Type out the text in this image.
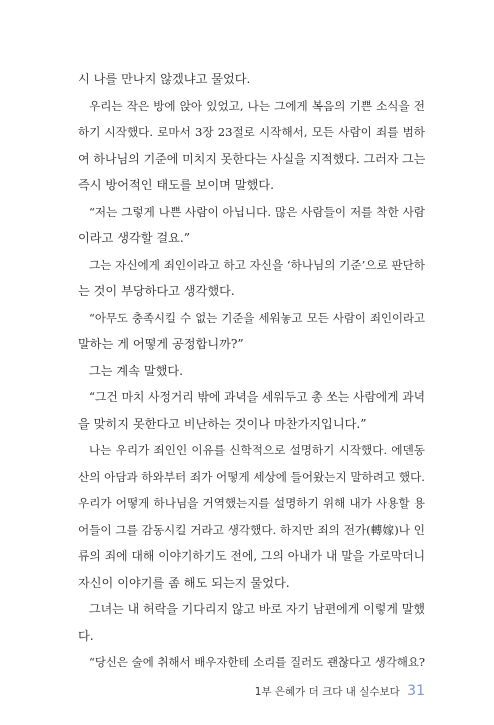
시 나를 만나지 않겠냐고 물었다.
우리는 작은 방에 앉아 있었고, 나는 그에게 복음의 기쁜 소식을 전
하기 시작했다. 로마서 3장 23절로 시작해서, 모든 사람이 죄를 범하
여 하나님의 기준에 미치지 못한다는 사실을 지적했다. 그러자 그는
즉시 방어적인 태도를 보이며 말했다.
“저는 그렇게 나쁜 사람이 아닙니다. 많은 사람들이 저를 착한 사람
이라고 생각할 걸요.”
그는 자신에게 죄인이라고 하고 자신을 ‘하나님의 기준’으로 판단하
는 것이 부당하다고 생각했다.
“아무도 충족시킬 수 없는 기준을 세워놓고 모든 사람이 죄인이라고
말하는 게 어떻게 공정합니까?”
그는 계속 말했다.
“그건 마치 사정거리 밖에 과녁을 세워두고 총 쏘는 사람에게 과녁
을 맞히지 못한다고 비난하는 것이나 마찬가지입니다.”
나는 우리가 죄인인 이유를 신학적으로 설명하기 시작했다. 에덴동
산의 아담과 하와부터 죄가 어떻게 세상에 들어왔는지 말하려고 했다.
우리가 어떻게 하나님을 거역했는지를 설명하기 위해 내가 사용할 용
어들이 그를 감동시킬 거라고 생각했다. 하지만 죄의 전가(轉嫁)나 인
류의 죄에 대해 이야기하기도 전에, 그의 아내가 내 말을 가로막더니
자신이 이야기를 좀 해도 되는지 물었다.
그녀는 내 허락을 기다리지 않고 바로 자기 남편에게 이렇게 말했
다.
“당신은 술에 취해서 배우자한테 소리를 질러도 괜찮다고 생각해요?
1부 은혜가 더 크다 내 실수보다 31
